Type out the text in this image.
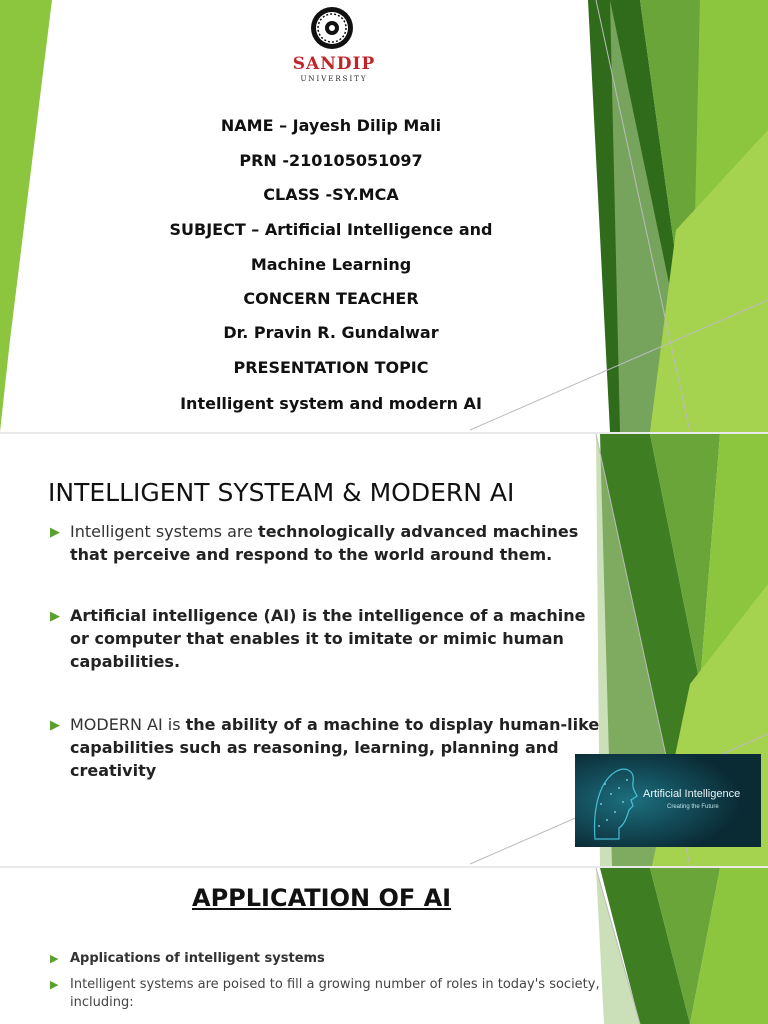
SANDIP
UNIVERSITY
NAME – Jayesh Dilip Mali
PRN -210105051097
CLASS -SY.MCA
SUBJECT – Artificial Intelligence and
Machine Learning
CONCERN TEACHER
Dr. Pravin R. Gundalwar
PRESENTATION TOPIC
Intelligent system and modern AI
INTELLIGENT SYSTEAM & MODERN AI
▶ Intelligent systems are technologically advanced machines that perceive and respond to the world around them.
▶ Artificial intelligence (AI) is the intelligence of a machine or computer that enables it to imitate or mimic human capabilities.
▶ MODERN AI is the ability of a machine to display human-like capabilities such as reasoning, learning, planning and creativity
Artificial Intelligence
Creating the Future
APPLICATION OF AI
▶ Applications of intelligent systems
▶ Intelligent systems are poised to fill a growing number of roles in today's society, including:
